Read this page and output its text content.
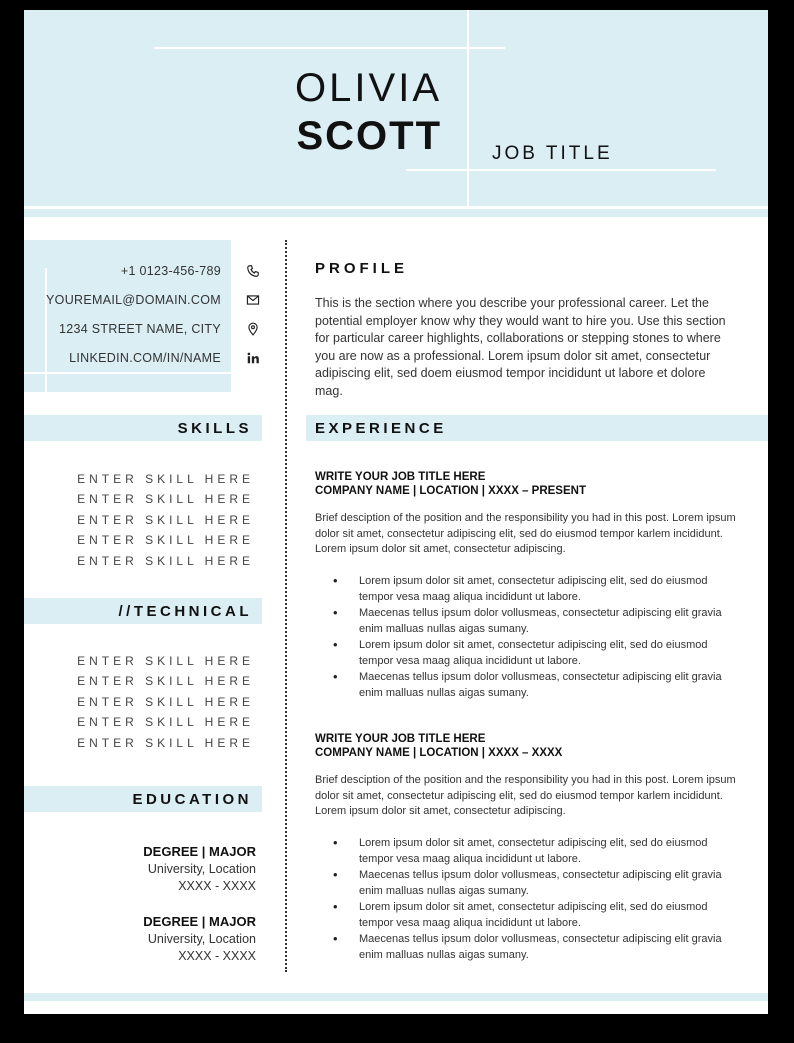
OLIVIA
SCOTT	JOB TITLE
+1 0123-456-789
YOUREMAIL@DOMAIN.COM
1234 STREET NAME, CITY
LINKEDIN.COM/IN/NAME
SKILLS
ENTER SKILL HERE
ENTER SKILL HERE
ENTER SKILL HERE
ENTER SKILL HERE
ENTER SKILL HERE
//TECHNICAL
ENTER SKILL HERE
ENTER SKILL HERE
ENTER SKILL HERE
ENTER SKILL HERE
ENTER SKILL HERE
EDUCATION
DEGREE | MAJOR
University, Location
XXXX - XXXX
DEGREE | MAJOR
University, Location
XXXX - XXXX
PROFILE
This is the section where you describe your professional career. Let the potential employer know why they would want to hire you. Use this section for particular career highlights, collaborations or stepping stones to where you are now as a professional. Lorem ipsum dolor sit amet, consectetur adipiscing elit, sed doem eiusmod tempor incididunt ut labore et dolore mag.
EXPERIENCE
WRITE YOUR JOB TITLE HERE
COMPANY NAME | LOCATION | XXXX – PRESENT
Brief desciption of the position and the responsibility you had in this post. Lorem ipsum dolor sit amet, consectetur adipiscing elit, sed do eiusmod tempor karlem incididunt. Lorem ipsum dolor sit amet, consectetur adipiscing.
• Lorem ipsum dolor sit amet, consectetur adipiscing elit, sed do eiusmod tempor vesa maag aliqua incididunt ut labore.
• Maecenas tellus ipsum dolor vollusmeas, consectetur adipiscing elit gravia enim malluas nullas aigas sumany.
• Lorem ipsum dolor sit amet, consectetur adipiscing elit, sed do eiusmod tempor vesa maag aliqua incididunt ut labore.
• Maecenas tellus ipsum dolor vollusmeas, consectetur adipiscing elit gravia enim malluas nullas aigas sumany.
WRITE YOUR JOB TITLE HERE
COMPANY NAME | LOCATION | XXXX – XXXX
Brief desciption of the position and the responsibility you had in this post. Lorem ipsum dolor sit amet, consectetur adipiscing elit, sed do eiusmod tempor karlem incididunt. Lorem ipsum dolor sit amet, consectetur adipiscing.
• Lorem ipsum dolor sit amet, consectetur adipiscing elit, sed do eiusmod tempor vesa maag aliqua incididunt ut labore.
• Maecenas tellus ipsum dolor vollusmeas, consectetur adipiscing elit gravia enim malluas nullas aigas sumany.
• Lorem ipsum dolor sit amet, consectetur adipiscing elit, sed do eiusmod tempor vesa maag aliqua incididunt ut labore.
• Maecenas tellus ipsum dolor vollusmeas, consectetur adipiscing elit gravia enim malluas nullas aigas sumany.
